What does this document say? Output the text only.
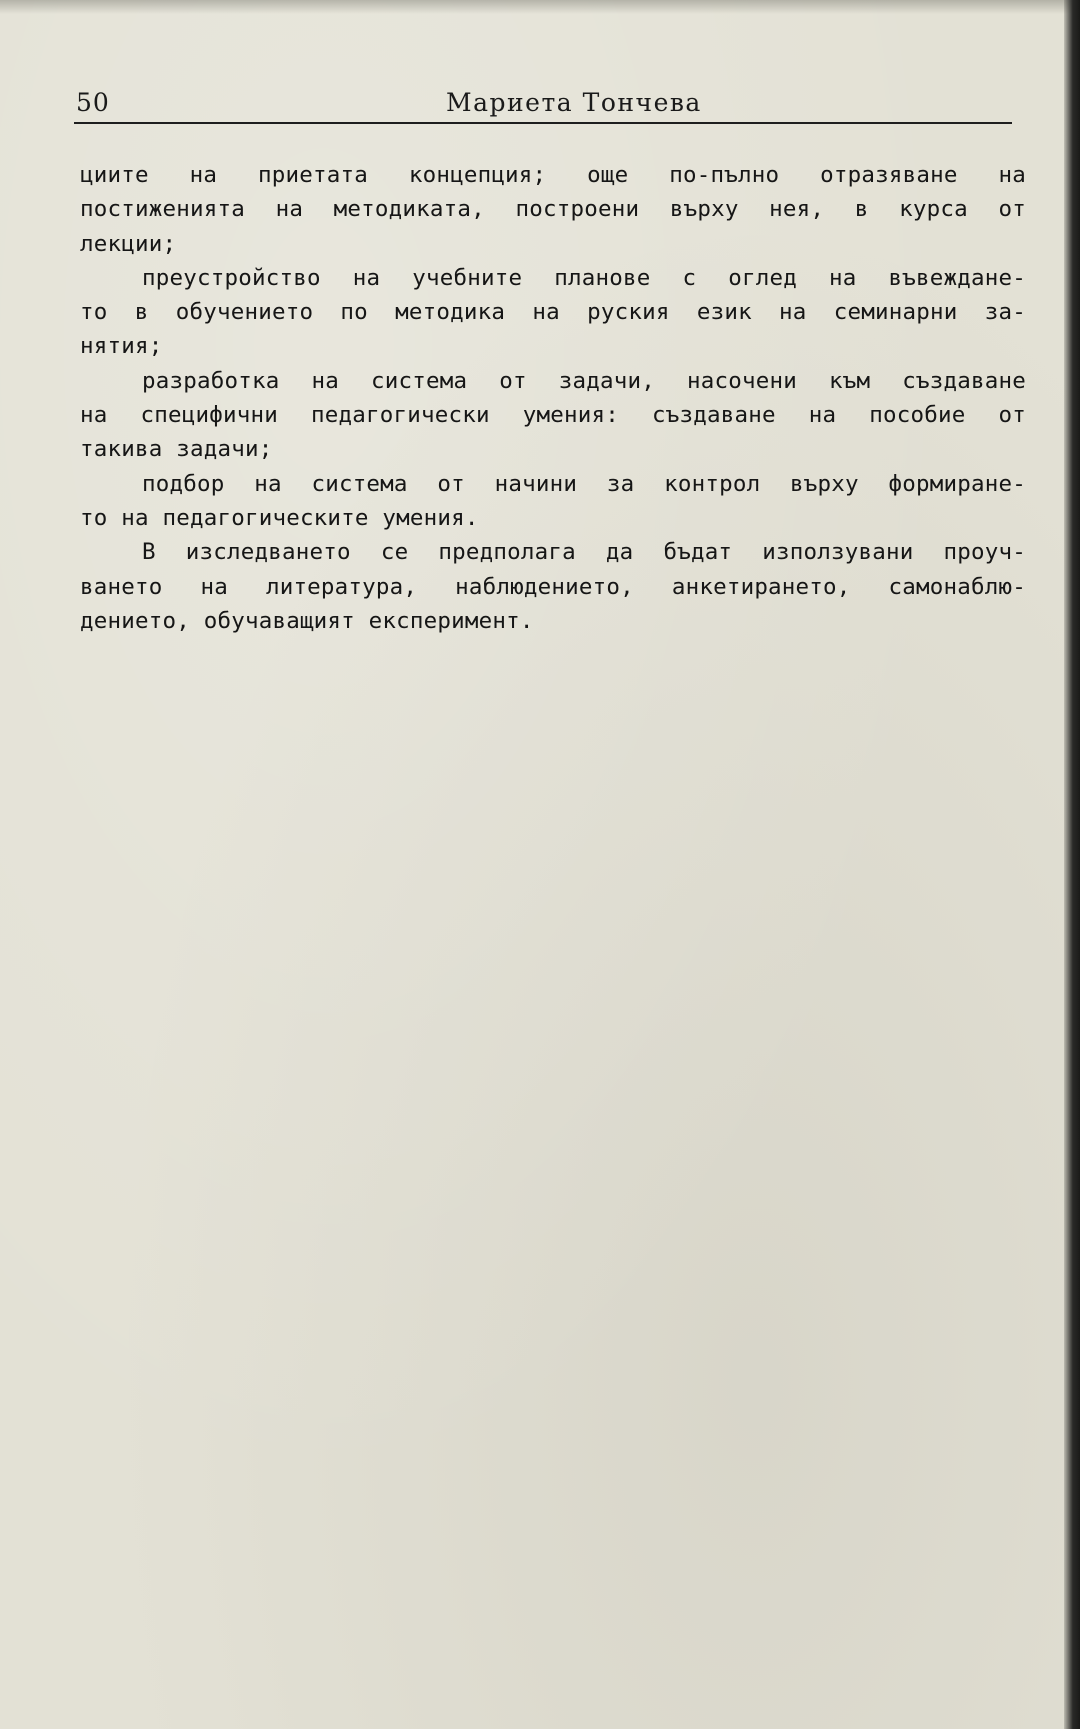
50	Мариета Тончева
циите на приетата концепция; още по-пълно отразяване на
постиженията на методиката, построени върху нея, в курса от
лекции;
преустройство на учебните планове с оглед на въвеждане-
то в обучението по методика на руския език на семинарни за-
нятия;
разработка на система от задачи, насочени към създаване
на специфични педагогически умения: създаване на пособие от
такива задачи;
подбор на система от начини за контрол върху формиране-
то на педагогическите умения.
В изследването се предполага да бъдат използувани проуч-
ването на литература, наблюдението, анкетирането, самонаблю-
дението, обучаващият експеримент.
